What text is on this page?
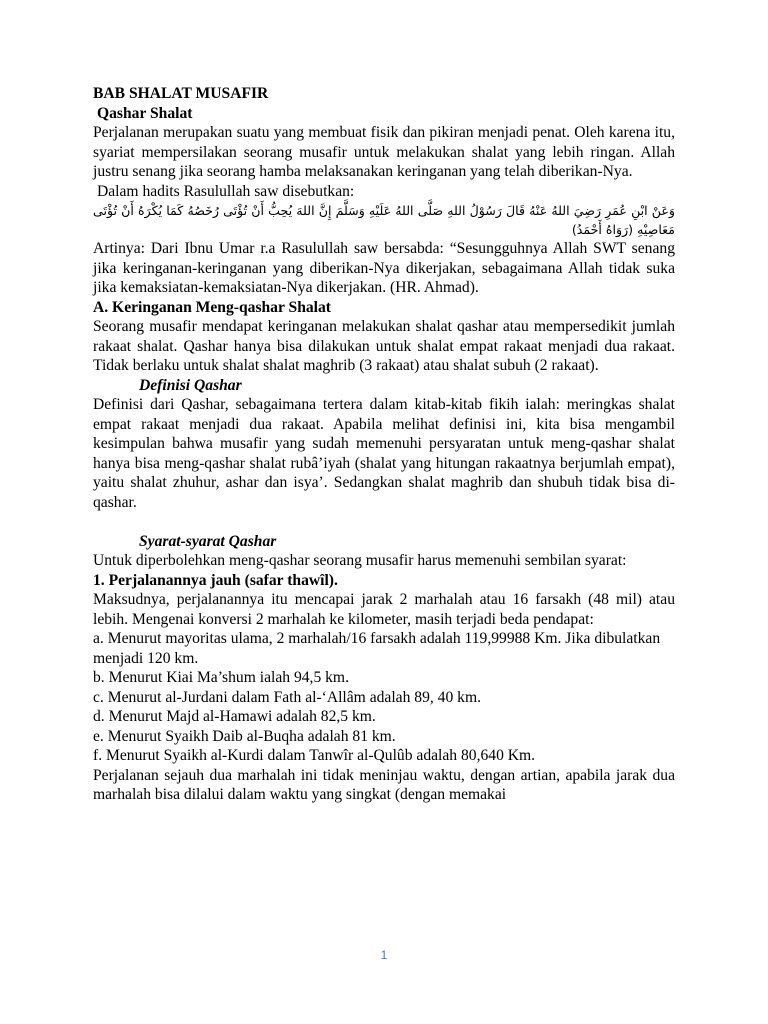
BAB SHALAT MUSAFIR

Qashar Shalat

Perjalanan merupakan suatu yang membuat fisik dan pikiran menjadi penat. Oleh karena itu, syariat mempersilakan seorang musafir untuk melakukan shalat yang lebih ringan. Allah justru senang jika seorang hamba melaksanakan keringanan yang telah diberikan-Nya.

Dalam hadits Rasulullah saw disebutkan:

وَعَنْ ابْنِ عُمَرِ رَضِيَ اللهُ عَنْهُ قَالَ رَسُوْلُ اللهِ صَلَّى اللهُ عَلَيْهِ وَسَلَّمَ إِنَّ اللهَ يُحِبُّ أَنْ تُؤْتَى رُخَصُهُ كَمَا يُكْرَهُ أَنْ تُؤْتَى مَعَاصِيْهِ (رَوَاهُ أَحْمَدُ)

Artinya: Dari Ibnu Umar r.a Rasulullah saw bersabda: “Sesungguhnya Allah SWT senang jika keringanan-keringanan yang diberikan-Nya dikerjakan, sebagaimana Allah tidak suka jika kemaksiatan-kemaksiatan-Nya dikerjakan. (HR. Ahmad).

A. Keringanan Meng-qashar Shalat

Seorang musafir mendapat keringanan melakukan shalat qashar atau mempersedikit jumlah rakaat shalat. Qashar hanya bisa dilakukan untuk shalat empat rakaat menjadi dua rakaat. Tidak berlaku untuk shalat shalat maghrib (3 rakaat) atau shalat subuh (2 rakaat).

Definisi Qashar

Definisi dari Qashar, sebagaimana tertera dalam kitab-kitab fikih ialah: meringkas shalat empat rakaat menjadi dua rakaat. Apabila melihat definisi ini, kita bisa mengambil kesimpulan bahwa musafir yang sudah memenuhi persyaratan untuk meng-qashar shalat hanya bisa meng-qashar shalat rubâ’iyah (shalat yang hitungan rakaatnya berjumlah empat), yaitu shalat zhuhur, ashar dan isya’. Sedangkan shalat maghrib dan shubuh tidak bisa di-qashar.

Syarat-syarat Qashar

Untuk diperbolehkan meng-qashar seorang musafir harus memenuhi sembilan syarat:

1. Perjalanannya jauh (safar thawîl).

Maksudnya, perjalanannya itu mencapai jarak 2 marhalah atau 16 farsakh (48 mil) atau lebih. Mengenai konversi 2 marhalah ke kilometer, masih terjadi beda pendapat:

a. Menurut mayoritas ulama, 2 marhalah/16 farsakh adalah 119,99988 Km. Jika dibulatkan menjadi 120 km.

b. Menurut Kiai Ma’shum ialah 94,5 km.

c. Menurut al-Jurdani dalam Fath al-‘Allâm adalah 89, 40 km.

d. Menurut Majd al-Hamawi adalah 82,5 km.

e. Menurut Syaikh Daib al-Buqha adalah 81 km.

f. Menurut Syaikh al-Kurdi dalam Tanwîr al-Qulûb adalah 80,640 Km.

Perjalanan sejauh dua marhalah ini tidak meninjau waktu, dengan artian, apabila jarak dua marhalah bisa dilalui dalam waktu yang singkat (dengan memakai

1
